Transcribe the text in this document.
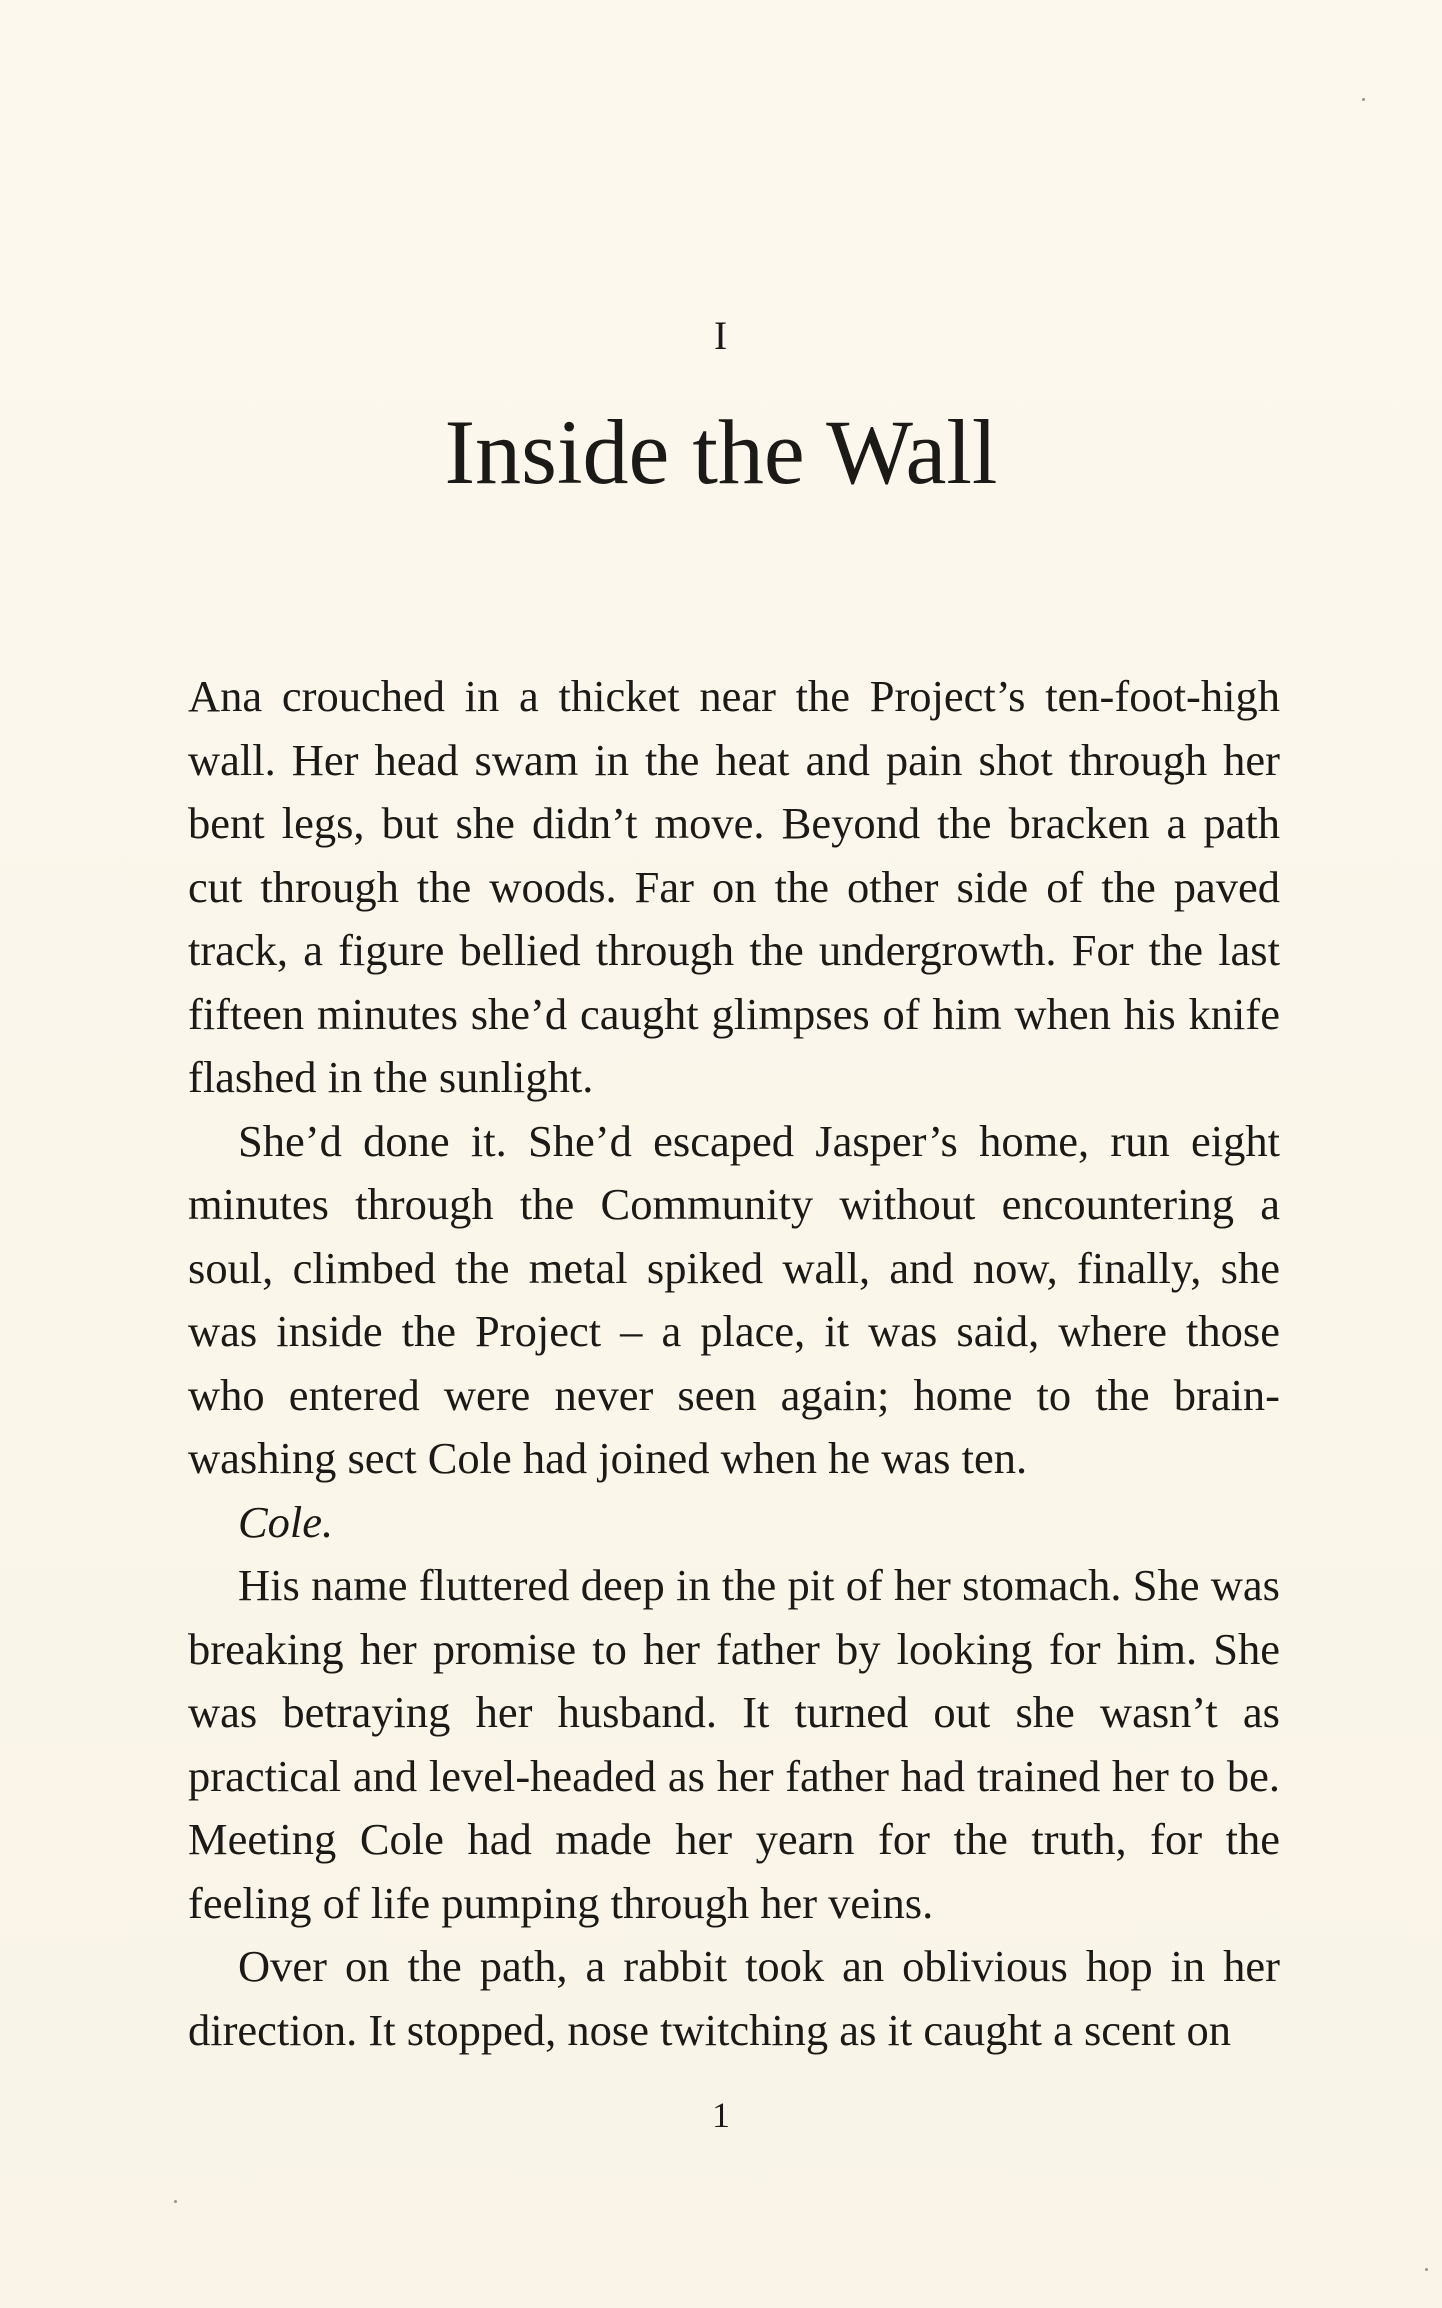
I
Inside the Wall

Ana crouched in a thicket near the Project’s ten-foot-high wall. Her head swam in the heat and pain shot through her bent legs, but she didn’t move. Beyond the bracken a path cut through the woods. Far on the other side of the paved track, a figure bellied through the undergrowth. For the last fifteen minutes she’d caught glimpses of him when his knife flashed in the sunlight.

She’d done it. She’d escaped Jasper’s home, run eight minutes through the Community without encountering a soul, climbed the metal spiked wall, and now, finally, she was inside the Project – a place, it was said, where those who entered were never seen again; home to the brain-washing sect Cole had joined when he was ten.

Cole.

His name fluttered deep in the pit of her stomach. She was breaking her promise to her father by looking for him. She was betraying her husband. It turned out she wasn’t as practical and level-headed as her father had trained her to be. Meeting Cole had made her yearn for the truth, for the feeling of life pumping through her veins.

Over on the path, a rabbit took an oblivious hop in her direction. It stopped, nose twitching as it caught a scent on

1
